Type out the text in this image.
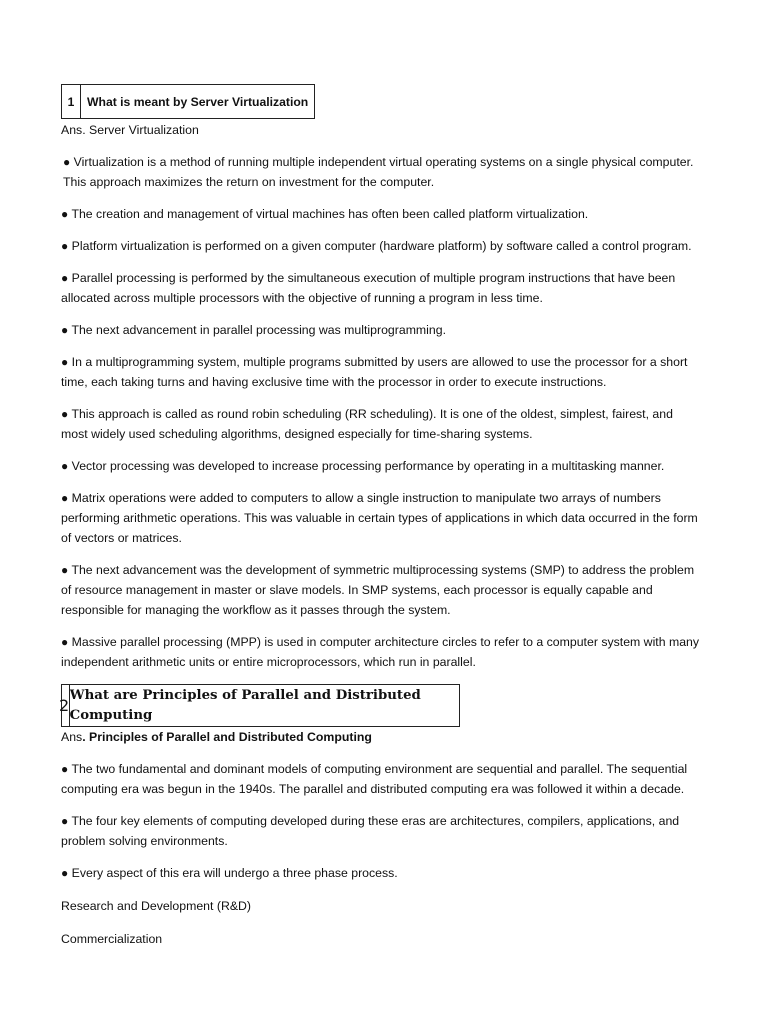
1	What is meant by Server Virtualization
Ans. Server Virtualization

● Virtualization is a method of running multiple independent virtual operating systems on a single physical computer. This approach maximizes the return on investment for the computer.

● The creation and management of virtual machines has often been called platform virtualization.

● Platform virtualization is performed on a given computer (hardware platform) by software called a control program.

● Parallel processing is performed by the simultaneous execution of multiple program instructions that have been allocated across multiple processors with the objective of running a program in less time.

● The next advancement in parallel processing was multiprogramming.

● In a multiprogramming system, multiple programs submitted by users are allowed to use the processor for a short time, each taking turns and having exclusive time with the processor in order to execute instructions.

● This approach is called as round robin scheduling (RR scheduling). It is one of the oldest, simplest, fairest, and most widely used scheduling algorithms, designed especially for time-sharing systems.

● Vector processing was developed to increase processing performance by operating in a multitasking manner.

● Matrix operations were added to computers to allow a single instruction to manipulate two arrays of numbers performing arithmetic operations. This was valuable in certain types of applications in which data occurred in the form of vectors or matrices.

● The next advancement was the development of symmetric multiprocessing systems (SMP) to address the problem of resource management in master or slave models. In SMP systems, each processor is equally capable and responsible for managing the workflow as it passes through the system.

● Massive parallel processing (MPP) is used in computer architecture circles to refer to a computer system with many independent arithmetic units or entire microprocessors, which run in parallel.

2
What are Principles of Parallel and Distributed Computing
Ans. Principles of Parallel and Distributed Computing

● The two fundamental and dominant models of computing environment are sequential and parallel. The sequential computing era was begun in the 1940s. The parallel and distributed computing era was followed it within a decade.

● The four key elements of computing developed during these eras are architectures, compilers, applications, and problem solving environments.

● Every aspect of this era will undergo a three phase process.

Research and Development (R&D)

Commercialization
